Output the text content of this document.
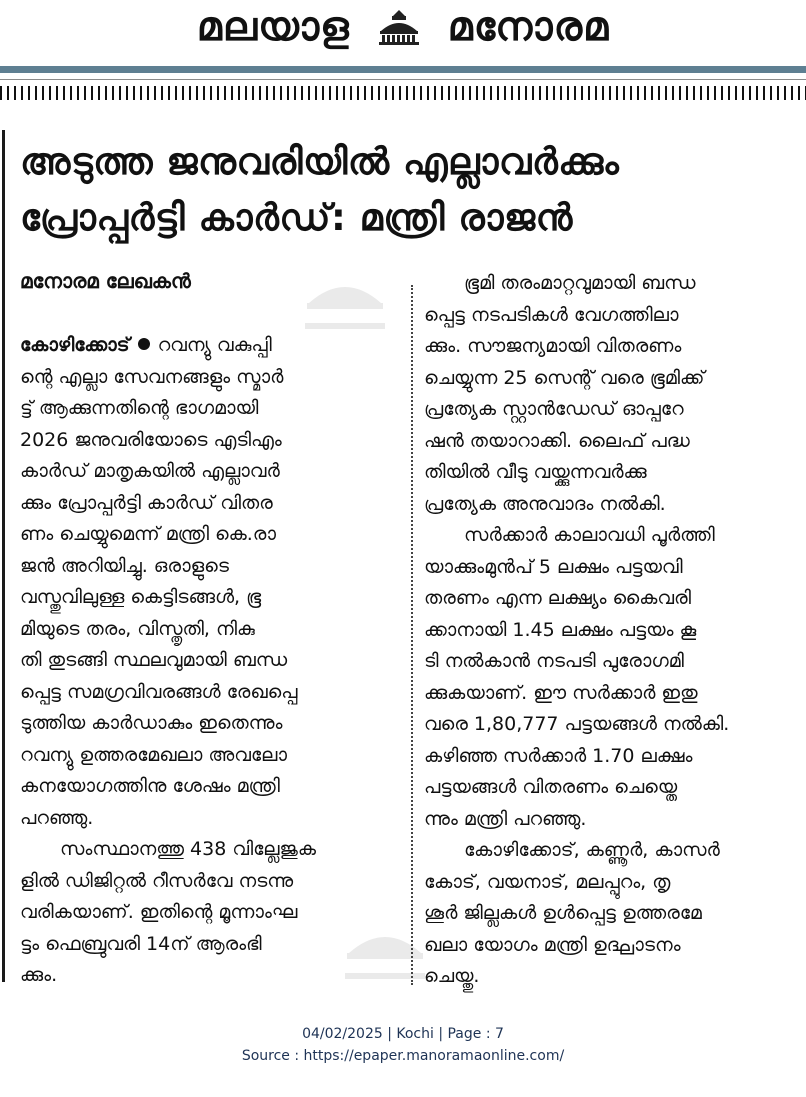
മലയാള മനോരമ
അടുത്ത ജനുവരിയിൽ എല്ലാവർക്കും
പ്രോപ്പർട്ടി കാർഡ്: മന്ത്രി രാജൻ
മനോരമ ലേഖകൻ
കോഴിക്കോട് റവന്യു വകുപ്പി
ന്റെ എല്ലാ സേവനങ്ങളും സ്മാർ
ട്ട് ആക്കുന്നതിന്റെ ഭാഗമായി
2026 ജനുവരിയോടെ എടിഎം
കാർഡ് മാതൃകയിൽ എല്ലാവർ
ക്കും പ്രോപ്പർട്ടി കാർഡ് വിതര
ണം ചെയ്യുമെന്ന് മന്ത്രി കെ.രാ
ജൻ അറിയിച്ചു. ഒരാളുടെ
വസ്തുവിലുള്ള കെട്ടിടങ്ങൾ, ഭൂ
മിയുടെ തരം, വിസ്തൃതി, നികു
തി തുടങ്ങി സ്ഥലവുമായി ബന്ധ
പ്പെട്ട സമഗ്രവിവരങ്ങൾ രേഖപ്പെ
ടുത്തിയ കാർഡാകും ഇതെന്നും
റവന്യു ഉത്തരമേഖലാ അവലോ
കനയോഗത്തിനു ശേഷം മന്ത്രി
പറഞ്ഞു.
സംസ്ഥാനത്തു 438 വില്ലേജുക
ളിൽ ഡിജിറ്റൽ റീസർവേ നടന്നു
വരികയാണ്. ഇതിന്റെ മൂന്നാംഘ
ട്ടം ഫെബ്രുവരി 14ന് ആരംഭി
ക്കും.
ഭൂമി തരംമാറ്റവുമായി ബന്ധ
പ്പെട്ട നടപടികൾ വേഗത്തിലാ
ക്കും. സൗജന്യമായി വിതരണം
ചെയ്യുന്ന 25 സെന്റ് വരെ ഭൂമിക്ക്
പ്രത്യേക സ്റ്റാൻഡേഡ് ഓപ്പറേ
ഷൻ തയാറാക്കി. ലൈഫ് പദ്ധ
തിയിൽ വീടു വയ്ക്കുന്നവർക്കു
പ്രത്യേക അനുവാദം നൽകി.
സർക്കാർ കാലാവധി പൂർത്തി
യാക്കുംമുൻപ് 5 ലക്ഷം പട്ടയവി
തരണം എന്ന ലക്ഷ്യം കൈവരി
ക്കാനായി 1.45 ലക്ഷം പട്ടയം കൂ
ടി നൽകാൻ നടപടി പുരോഗമി
ക്കുകയാണ്. ഈ സർക്കാർ ഇതു
വരെ 1,80,777 പട്ടയങ്ങൾ നൽകി.
കഴിഞ്ഞ സർക്കാർ 1.70 ലക്ഷം
പട്ടയങ്ങൾ വിതരണം ചെയ്തെ
ന്നും മന്ത്രി പറഞ്ഞു.
കോഴിക്കോട്, കണ്ണൂർ, കാസർ
കോട്, വയനാട്, മലപ്പുറം, തൃ
ശൂർ ജില്ലകൾ ഉൾപ്പെട്ട ഉത്തരമേ
ഖലാ യോഗം മന്ത്രി ഉദ്ഘാടനം
ചെയ്തു.
04/02/2025 | Kochi | Page : 7
Source : https://epaper.manoramaonline.com/
